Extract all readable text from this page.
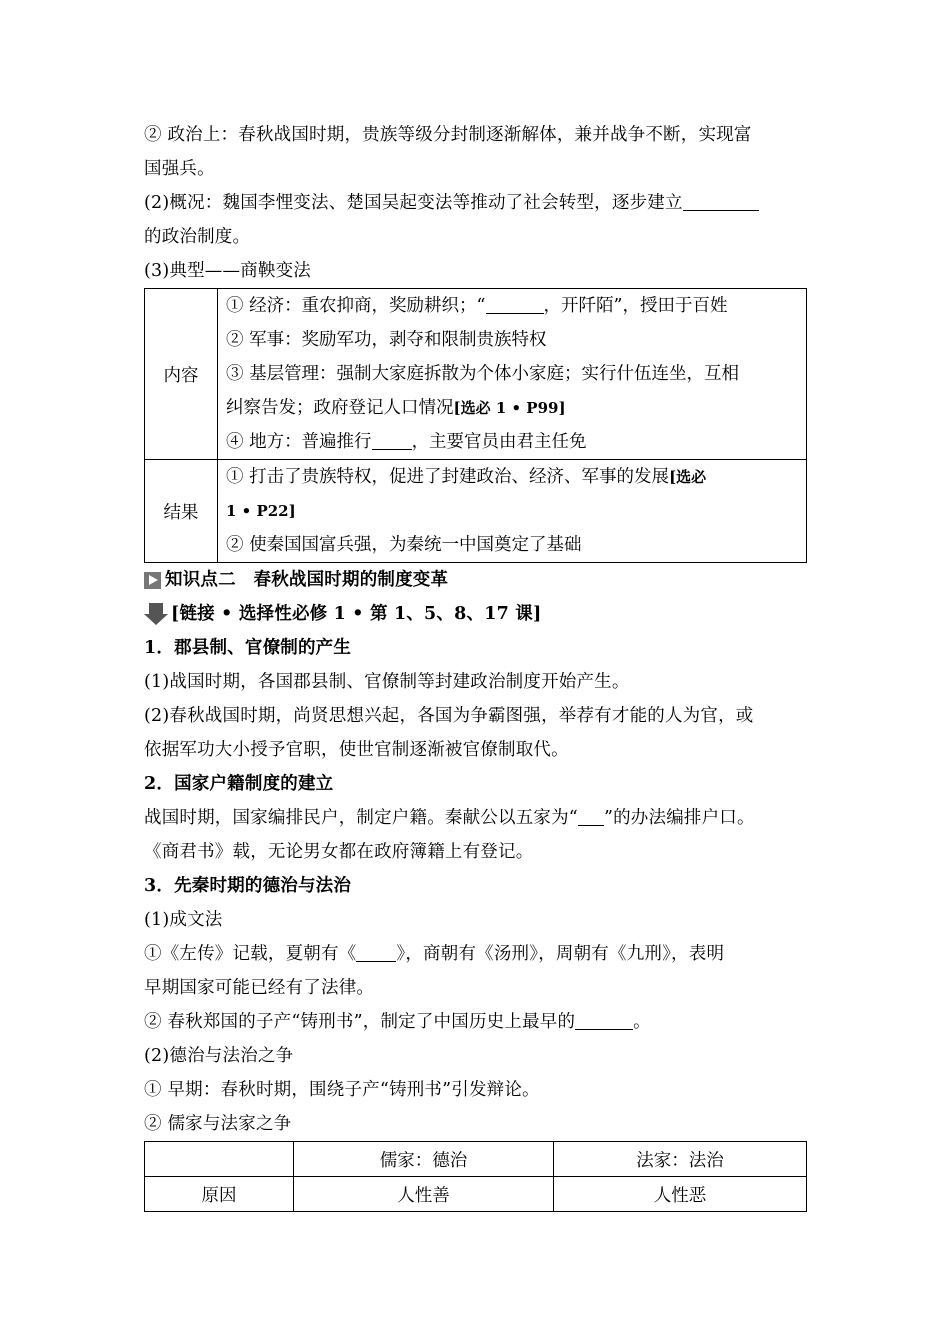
② 政治上：春秋战国时期，贵族等级分封制逐渐解体，兼并战争不断，实现富
国强兵。
(2)概况：魏国李悝变法、楚国吴起变法等推动了社会转型，逐步建立
的政治制度。
(3)典型——商鞅变法
内容	① 经济：重农抑商，奖励耕织；“ ，开阡陌”，授田于百姓
② 军事：奖励军功，剥夺和限制贵族特权
③ 基层管理：强制大家庭拆散为个体小家庭；实行什伍连坐，互相
纠察告发；政府登记人口情况[选必 1 • P99]
④ 地方：普遍推行 ，主要官员由君主任免

结果	① 打击了贵族特权，促进了封建政治、经济、军事的发展[选必
1 • P22]
② 使秦国国富兵强，为秦统一中国奠定了基础
知识点二　春秋战国时期的制度变革
[链接 • 选择性必修 1 • 第 1、5、8、17 课]
1．郡县制、官僚制的产生
(1)战国时期，各国郡县制、官僚制等封建政治制度开始产生。
(2)春秋战国时期，尚贤思想兴起，各国为争霸图强，举荐有才能的人为官，或
依据军功大小授予官职，使世官制逐渐被官僚制取代。
2．国家户籍制度的建立
战国时期，国家编排民户，制定户籍。秦献公以五家为“ ”的办法编排户口。
《商君书》载，无论男女都在政府簿籍上有登记。
3．先秦时期的德治与法治
(1)成文法
①《左传》记载，夏朝有《 》，商朝有《汤刑》，周朝有《九刑》，表明
早期国家可能已经有了法律。
② 春秋郑国的子产“铸刑书”，制定了中国历史上最早的	。
(2)德治与法治之争
① 早期：春秋时期，围绕子产“铸刑书”引发辩论。
② 儒家与法家之争
	儒家：德治	法家：法治
原因	人性善	人性恶
